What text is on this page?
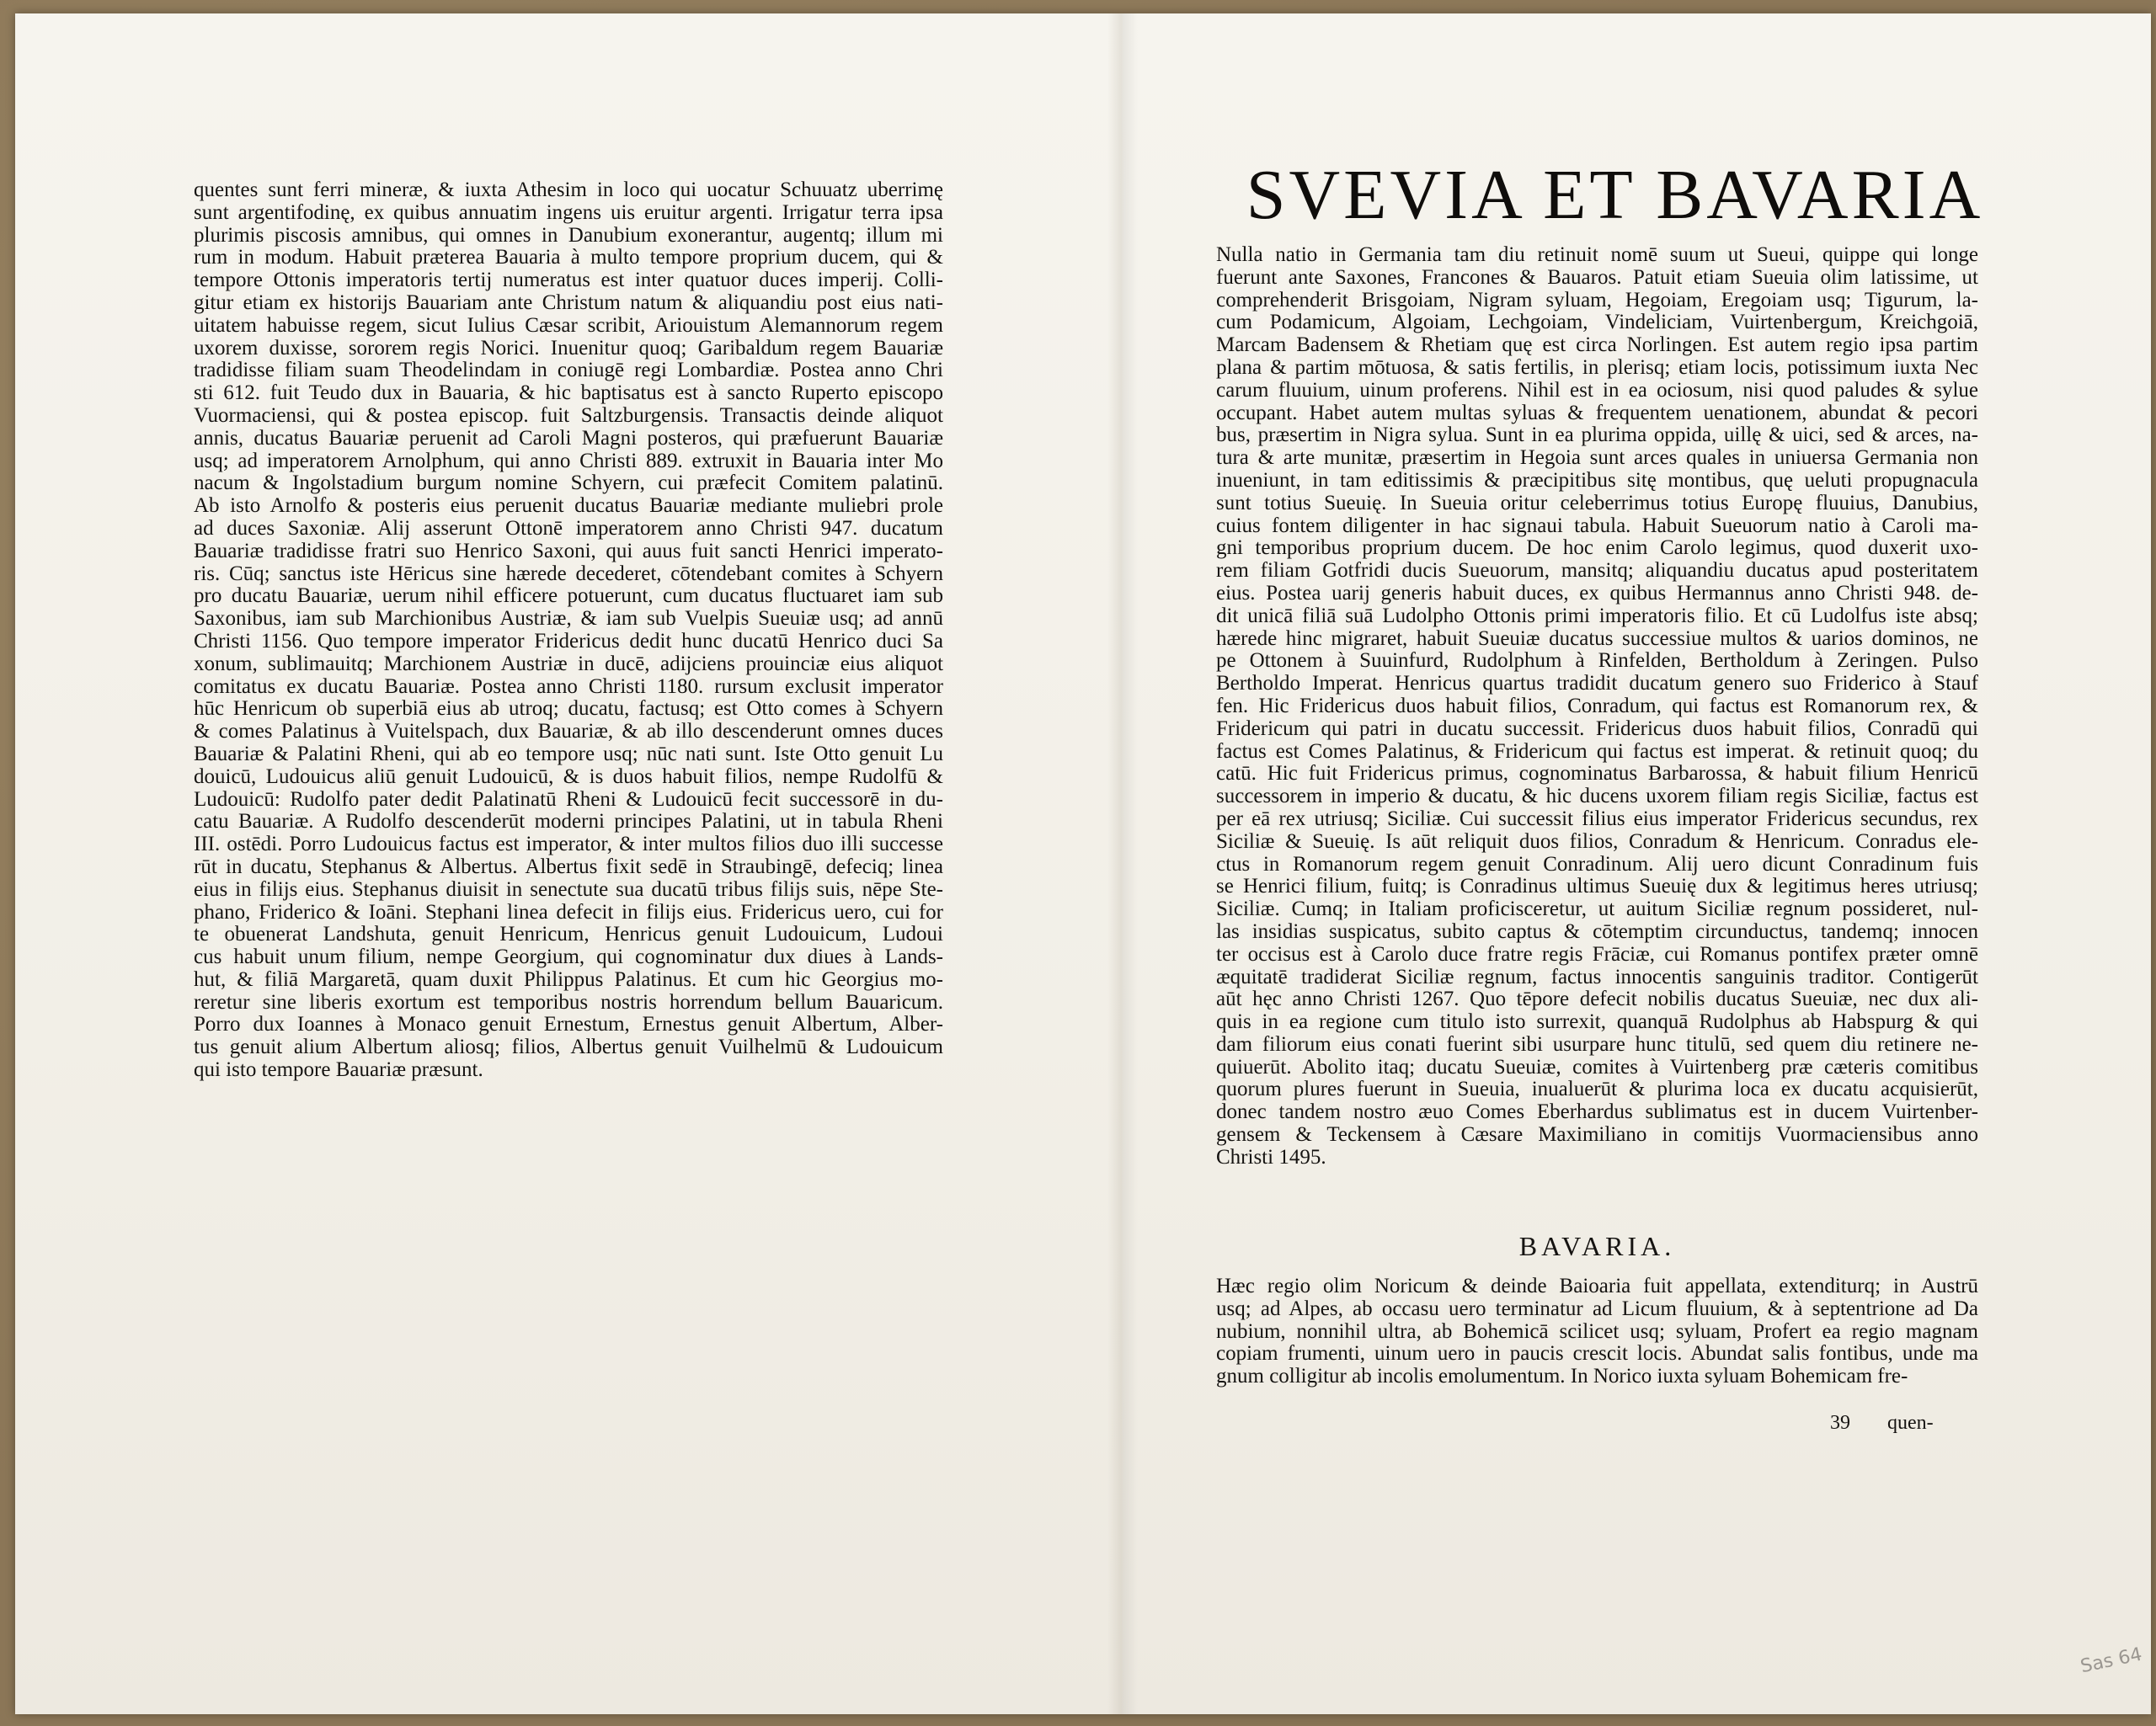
quentes sunt ferri mineræ, & iuxta Athesim in loco qui uocatur Schuuatz uberrimę
sunt argentifodinę, ex quibus annuatim ingens uis eruitur argenti. Irrigatur terra ipsa
plurimis piscosis amnibus, qui omnes in Danubium exonerantur, augentq; illum mi
rum in modum. Habuit præterea Bauaria à multo tempore proprium ducem, qui &
tempore Ottonis imperatoris tertij numeratus est inter quatuor duces imperij. Colli-
gitur etiam ex historijs Bauariam ante Christum natum & aliquandiu post eius nati-
uitatem habuisse regem, sicut Iulius Cæsar scribit, Ariouistum Alemannorum regem
uxorem duxisse, sororem regis Norici. Inuenitur quoq; Garibaldum regem Bauariæ
tradidisse filiam suam Theodelindam in coniugē regi Lombardiæ. Postea anno Chri
sti 612. fuit Teudo dux in Bauaria, & hic baptisatus est à sancto Ruperto episcopo
Vuormaciensi, qui & postea episcop. fuit Saltzburgensis. Transactis deinde aliquot
annis, ducatus Bauariæ peruenit ad Caroli Magni posteros, qui præfuerunt Bauariæ
usq; ad imperatorem Arnolphum, qui anno Christi 889. extruxit in Bauaria inter Mo
nacum & Ingolstadium burgum nomine Schyern, cui præfecit Comitem palatinū.
Ab isto Arnolfo & posteris eius peruenit ducatus Bauariæ mediante muliebri prole
ad duces Saxoniæ. Alij asserunt Ottonē imperatorem anno Christi 947. ducatum
Bauariæ tradidisse fratri suo Henrico Saxoni, qui auus fuit sancti Henrici imperato-
ris. Cūq; sanctus iste Hēricus sine hærede decederet, cōtendebant comites à Schyern
pro ducatu Bauariæ, uerum nihil efficere potuerunt, cum ducatus fluctuaret iam sub
Saxonibus, iam sub Marchionibus Austriæ, & iam sub Vuelpis Sueuiæ usq; ad annū
Christi 1156. Quo tempore imperator Fridericus dedit hunc ducatū Henrico duci Sa
xonum, sublimauitq; Marchionem Austriæ in ducē, adijciens prouinciæ eius aliquot
comitatus ex ducatu Bauariæ. Postea anno Christi 1180. rursum exclusit imperator
hūc Henricum ob superbiā eius ab utroq; ducatu, factusq; est Otto comes à Schyern
& comes Palatinus à Vuitelspach, dux Bauariæ, & ab illo descenderunt omnes duces
Bauariæ & Palatini Rheni, qui ab eo tempore usq; nūc nati sunt. Iste Otto genuit Lu
douicū, Ludouicus aliū genuit Ludouicū, & is duos habuit filios, nempe Rudolfū &
Ludouicū: Rudolfo pater dedit Palatinatū Rheni & Ludouicū fecit successorē in du-
catu Bauariæ. A Rudolfo descenderūt moderni principes Palatini, ut in tabula Rheni
III. ostēdi. Porro Ludouicus factus est imperator, & inter multos filios duo illi successe
rūt in ducatu, Stephanus & Albertus. Albertus fixit sedē in Straubingē, defeciq; linea
eius in filijs eius. Stephanus diuisit in senectute sua ducatū tribus filijs suis, nēpe Ste-
phano, Friderico & Ioāni. Stephani linea defecit in filijs eius. Fridericus uero, cui for
te obuenerat Landshuta, genuit Henricum, Henricus genuit Ludouicum, Ludoui
cus habuit unum filium, nempe Georgium, qui cognominatur dux diues à Lands-
hut, & filiā Margaretā, quam duxit Philippus Palatinus. Et cum hic Georgius mo-
reretur sine liberis exortum est temporibus nostris horrendum bellum Bauaricum.
Porro dux Ioannes à Monaco genuit Ernestum, Ernestus genuit Albertum, Alber-
tus genuit alium Albertum aliosq; filios, Albertus genuit Vuilhelmū & Ludouicum
qui isto tempore Bauariæ præsunt.
SVEVIA ET BAVARIA
Nulla natio in Germania tam diu retinuit nomē suum ut Sueui, quippe qui longe
fuerunt ante Saxones, Francones & Bauaros. Patuit etiam Sueuia olim latissime, ut
comprehenderit Brisgoiam, Nigram syluam, Hegoiam, Eregoiam usq; Tigurum, la-
cum Podamicum, Algoiam, Lechgoiam, Vindeliciam, Vuirtenbergum, Kreichgoiā,
Marcam Badensem & Rhetiam quę est circa Norlingen. Est autem regio ipsa partim
plana & partim mōtuosa, & satis fertilis, in plerisq; etiam locis, potissimum iuxta Nec
carum fluuium, uinum proferens. Nihil est in ea ociosum, nisi quod paludes & sylue
occupant. Habet autem multas syluas & frequentem uenationem, abundat & pecori
bus, præsertim in Nigra sylua. Sunt in ea plurima oppida, uillę & uici, sed & arces, na-
tura & arte munitæ, præsertim in Hegoia sunt arces quales in uniuersa Germania non
inueniunt, in tam editissimis & præcipitibus sitę montibus, quę ueluti propugnacula
sunt totius Sueuię. In Sueuia oritur celeberrimus totius Europę fluuius, Danubius,
cuius fontem diligenter in hac signaui tabula. Habuit Sueuorum natio à Caroli ma-
gni temporibus proprium ducem. De hoc enim Carolo legimus, quod duxerit uxo-
rem filiam Gotfridi ducis Sueuorum, mansitq; aliquandiu ducatus apud posteritatem
eius. Postea uarij generis habuit duces, ex quibus Hermannus anno Christi 948. de-
dit unicā filiā suā Ludolpho Ottonis primi imperatoris filio. Et cū Ludolfus iste absq;
hærede hinc migraret, habuit Sueuiæ ducatus successiue multos & uarios dominos, ne
pe Ottonem à Suuinfurd, Rudolphum à Rinfelden, Bertholdum à Zeringen. Pulso
Bertholdo Imperat. Henricus quartus tradidit ducatum genero suo Friderico à Stauf
fen. Hic Fridericus duos habuit filios, Conradum, qui factus est Romanorum rex, &
Fridericum qui patri in ducatu successit. Fridericus duos habuit filios, Conradū qui
factus est Comes Palatinus, & Fridericum qui factus est imperat. & retinuit quoq; du
catū. Hic fuit Fridericus primus, cognominatus Barbarossa, & habuit filium Henricū
successorem in imperio & ducatu, & hic ducens uxorem filiam regis Siciliæ, factus est
per eā rex utriusq; Siciliæ. Cui successit filius eius imperator Fridericus secundus, rex
Siciliæ & Sueuię. Is aūt reliquit duos filios, Conradum & Henricum. Conradus ele-
ctus in Romanorum regem genuit Conradinum. Alij uero dicunt Conradinum fuis
se Henrici filium, fuitq; is Conradinus ultimus Sueuię dux & legitimus heres utriusq;
Siciliæ. Cumq; in Italiam proficisceretur, ut auitum Siciliæ regnum possideret, nul-
las insidias suspicatus, subito captus & cōtemptim circunductus, tandemq; innocen
ter occisus est à Carolo duce fratre regis Frāciæ, cui Romanus pontifex præter omnē
æquitatē tradiderat Siciliæ regnum, factus innocentis sanguinis traditor. Contigerūt
aūt hęc anno Christi 1267. Quo tēpore defecit nobilis ducatus Sueuiæ, nec dux ali-
quis in ea regione cum titulo isto surrexit, quanquā Rudolphus ab Habspurg & qui
dam filiorum eius conati fuerint sibi usurpare hunc titulū, sed quem diu retinere ne-
quiuerūt. Abolito itaq; ducatu Sueuiæ, comites à Vuirtenberg præ cæteris comitibus
quorum plures fuerunt in Sueuia, inualuerūt & plurima loca ex ducatu acquisierūt,
donec tandem nostro æuo Comes Eberhardus sublimatus est in ducem Vuirtenber-
gensem & Teckensem à Cæsare Maximiliano in comitijs Vuormaciensibus anno
Christi 1495.
BAVARIA.
Hæc regio olim Noricum & deinde Baioaria fuit appellata, extenditurq; in Austrū
usq; ad Alpes, ab occasu uero terminatur ad Licum fluuium, & à septentrione ad Da
nubium, nonnihil ultra, ab Bohemicā scilicet usq; syluam, Profert ea regio magnam
copiam frumenti, uinum uero in paucis crescit locis. Abundat salis fontibus, unde ma
gnum colligitur ab incolis emolumentum. In Norico iuxta syluam Bohemicam fre-
39 quen-
Sas 64
